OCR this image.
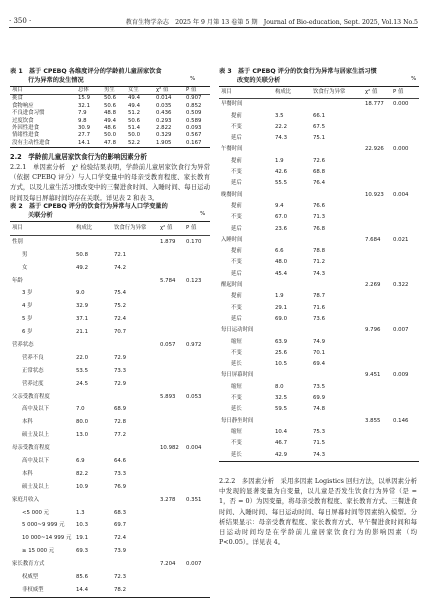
· 350 ·	教育生物学杂志　2025 年 9 月第 13 卷第 5 期　Journal of Bio-education, Sept. 2025, Vol.13 No.5
表 1　基于 CPEBQ 各维度评分的学龄前儿童居家饮食
行为异常的发生情况	%
项目	总体	男生 女生	χ² 值	P 值
挑食	15.9	50.6 49.4	0.014	0.907
食物响应	32.1	50.6 49.4	0.035	0.852
不良进食习惯	7.9	48.8 51.2	0.436	0.509
过度饮食	9.8	49.4 50.6	0.293	0.589
外因性进食	30.9	48.6 51.4	2.822	0.093
情绪性进食	27.7	50.0 50.0	0.329	0.567
没有主动性进食	14.1	47.8 52.2	1.905	0.167
2.2　学龄前儿童居家饮食行为的影响因素分析
2.2.1　单因素分析　χ² 检验结果表明，学龄前儿童居家饮食行为异常（依据 CPEBQ 评分）与人口学变量中的母亲受教育程度、家长教育方式，以及儿童生活习惯改变中的三餐进食时间、入睡时间、每日运动时间及每日屏幕时间均存在关联。详见表 2 和表 3。
表 2　基于 CPEBQ 评分的饮食行为异常与人口学变量的
关联分析	%
项目	构成比	饮食行为异常	χ² 值	P 值
性别	1.879 0.170
男	50.8	72.1
女	49.2	74.2
年龄	5.784 0.123
3 岁	9.0	75.4
4 岁	32.9	75.2
5 岁	37.1	72.4
6 岁	21.1	70.7
营养状态	0.057 0.972
营养不良	22.0	72.9
正常状态	53.5	73.3
营养过度	24.5	72.9
父亲受教育程度	5.893 0.053
高中及以下	7.0	68.9
本科	80.0	72.8
硕士及以上	13.0	77.2
母亲受教育程度	10.982 0.004
高中及以下	6.9	64.6
本科	82.2	73.3
硕士及以上	10.9	76.9
家庭月收入	3.278 0.351
<5 000 元	1.3	68.3
5 000~9 999 元 10.3	69.7
10 000~14 999 元 19.1	72.4
≥ 15 000 元	69.3	73.9
家长教育方式	7.204 0.007
权威型	85.6	72.3
非权威型	14.4	78.2
表 3　基于 CPEBQ 评分的饮食行为异常与居家生活习惯
改变的关联分析	%
项目	构成比	饮食行为异常	χ² 值	P 值
早餐时间	18.777 0.000
提前	3.5	66.1
不变	22.2	67.5
延后	74.3	75.1
午餐时间	22.926 0.000
提前	1.9	72.6
不变	42.6	68.8
延后	55.5	76.4
晚餐时间	10.923 0.004
提前	9.4	76.6
不变	67.0	71.3
延后	23.6	76.8
入睡时间	7.684 0.021
提前	6.6	78.8
不变	48.0	71.2
延后	45.4	74.3
醒起时间	2.269 0.322
提前	1.9	78.7
不变	29.1	71.6
延后	69.0	73.6
每日运动时间	9.796 0.007
缩短	63.9	74.9
不变	25.6	70.1
延长	10.5	69.4
每日屏幕时间	9.451 0.009
缩短	8.0	73.5
不变	32.5	69.9
延长	59.5	74.8
每日静坐时间	3.855 0.146
缩短	10.4	75.3
不变	46.7	71.5
延长	42.9	74.3
2.2.2　多因素分析　采用多因素 Logistics 回归方法，以单因素分析中发现的显著变量为自变量，以儿童是否发生饮食行为异常（是 = 1，否 = 0）为因变量，将母亲受教育程度、家长教育方式、三餐进食时间、入睡时间、每日运动时间、每日屏幕时间等因素纳入模型。分析结果显示：母亲受教育程度、家长教育方式、早午餐进食时间和每日运动时间均是在学龄前儿童居家饮食行为的影响因素（均 P<0.05）。详见表 4。
